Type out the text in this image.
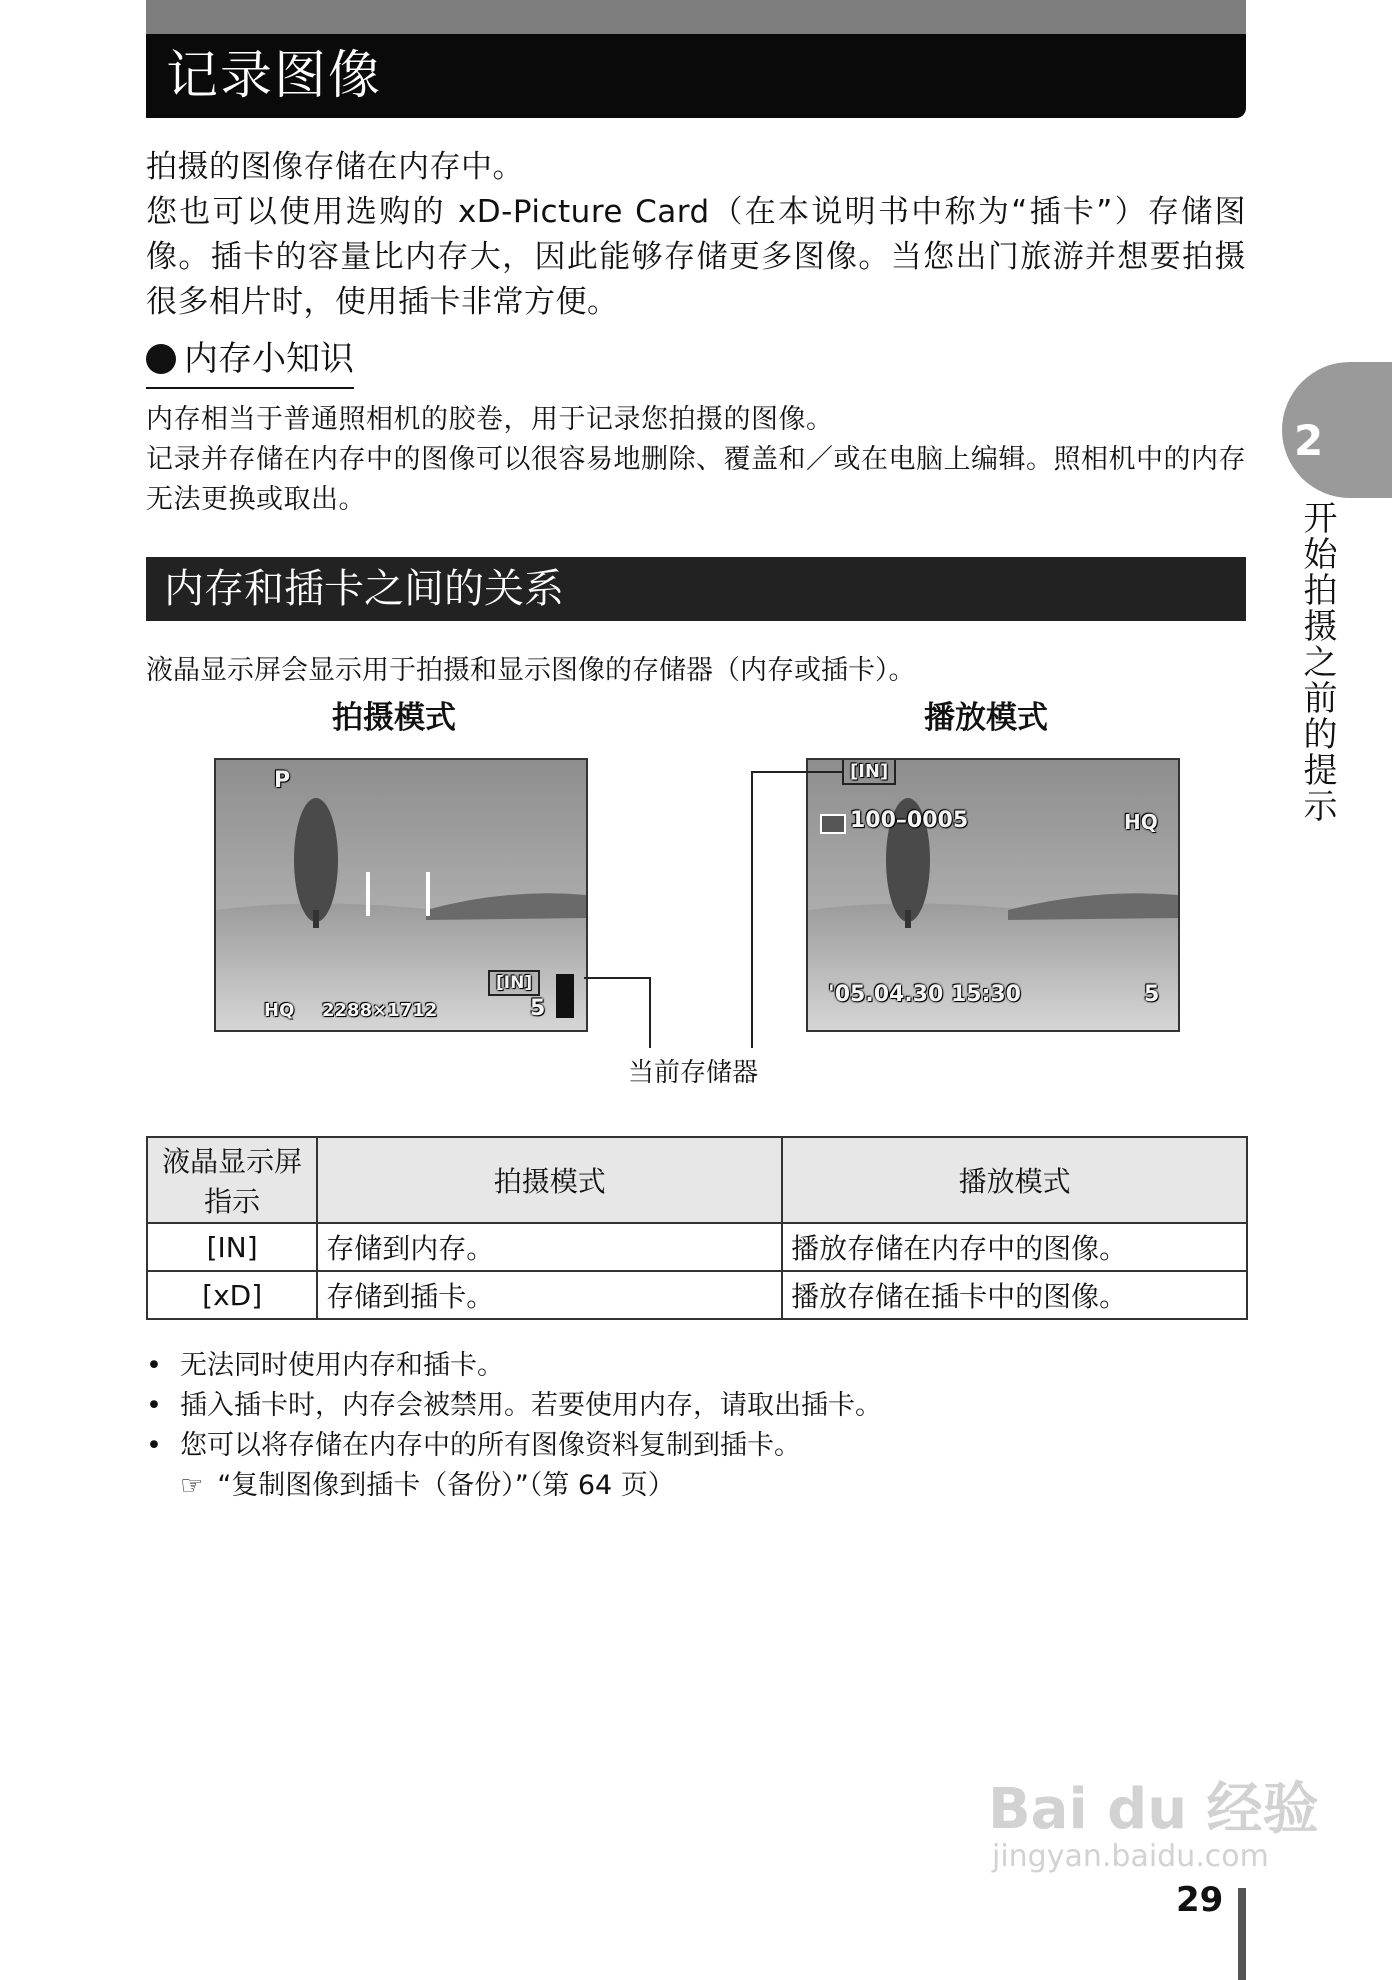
记录图像

拍摄的图像存储在内存中。

您也可以使用选购的 xD-Picture Card（在本说明书中称为“插卡”）存储图像。插卡的容量比内存大，因此能够存储更多图像。当您出门旅游并想要拍摄很多相片时，使用插卡非常方便。

内存小知识

内存相当于普通照相机的胶卷，用于记录您拍摄的图像。

记录并存储在内存中的图像可以很容易地删除、覆盖和／或在电脑上编辑。照相机中的内存无法更换或取出。

内存和插卡之间的关系
液晶显示屏会显示用于拍摄和显示图像的存储器（内存或插卡）。
拍摄模式	播放模式
P
[IN]
HQ 2288×1712	5
[IN]
100–0005	HQ
'05.04.30 15:30	5
当前存储器
液晶显示屏指示	拍摄模式	播放模式
[IN]	存储到内存。	播放存储在内存中的图像。
[xD]	存储到插卡。	播放存储在插卡中的图像。
• 无法同时使用内存和插卡。
• 插入插卡时，内存会被禁用。若要使用内存，请取出插卡。
• 您可以将存储在内存中的所有图像资料复制到插卡。
☞ “复制图像到插卡（备份）”（第 64 页）
2
开始拍摄之前的提示
Bai du 经验
jingyan.baidu.com
29
